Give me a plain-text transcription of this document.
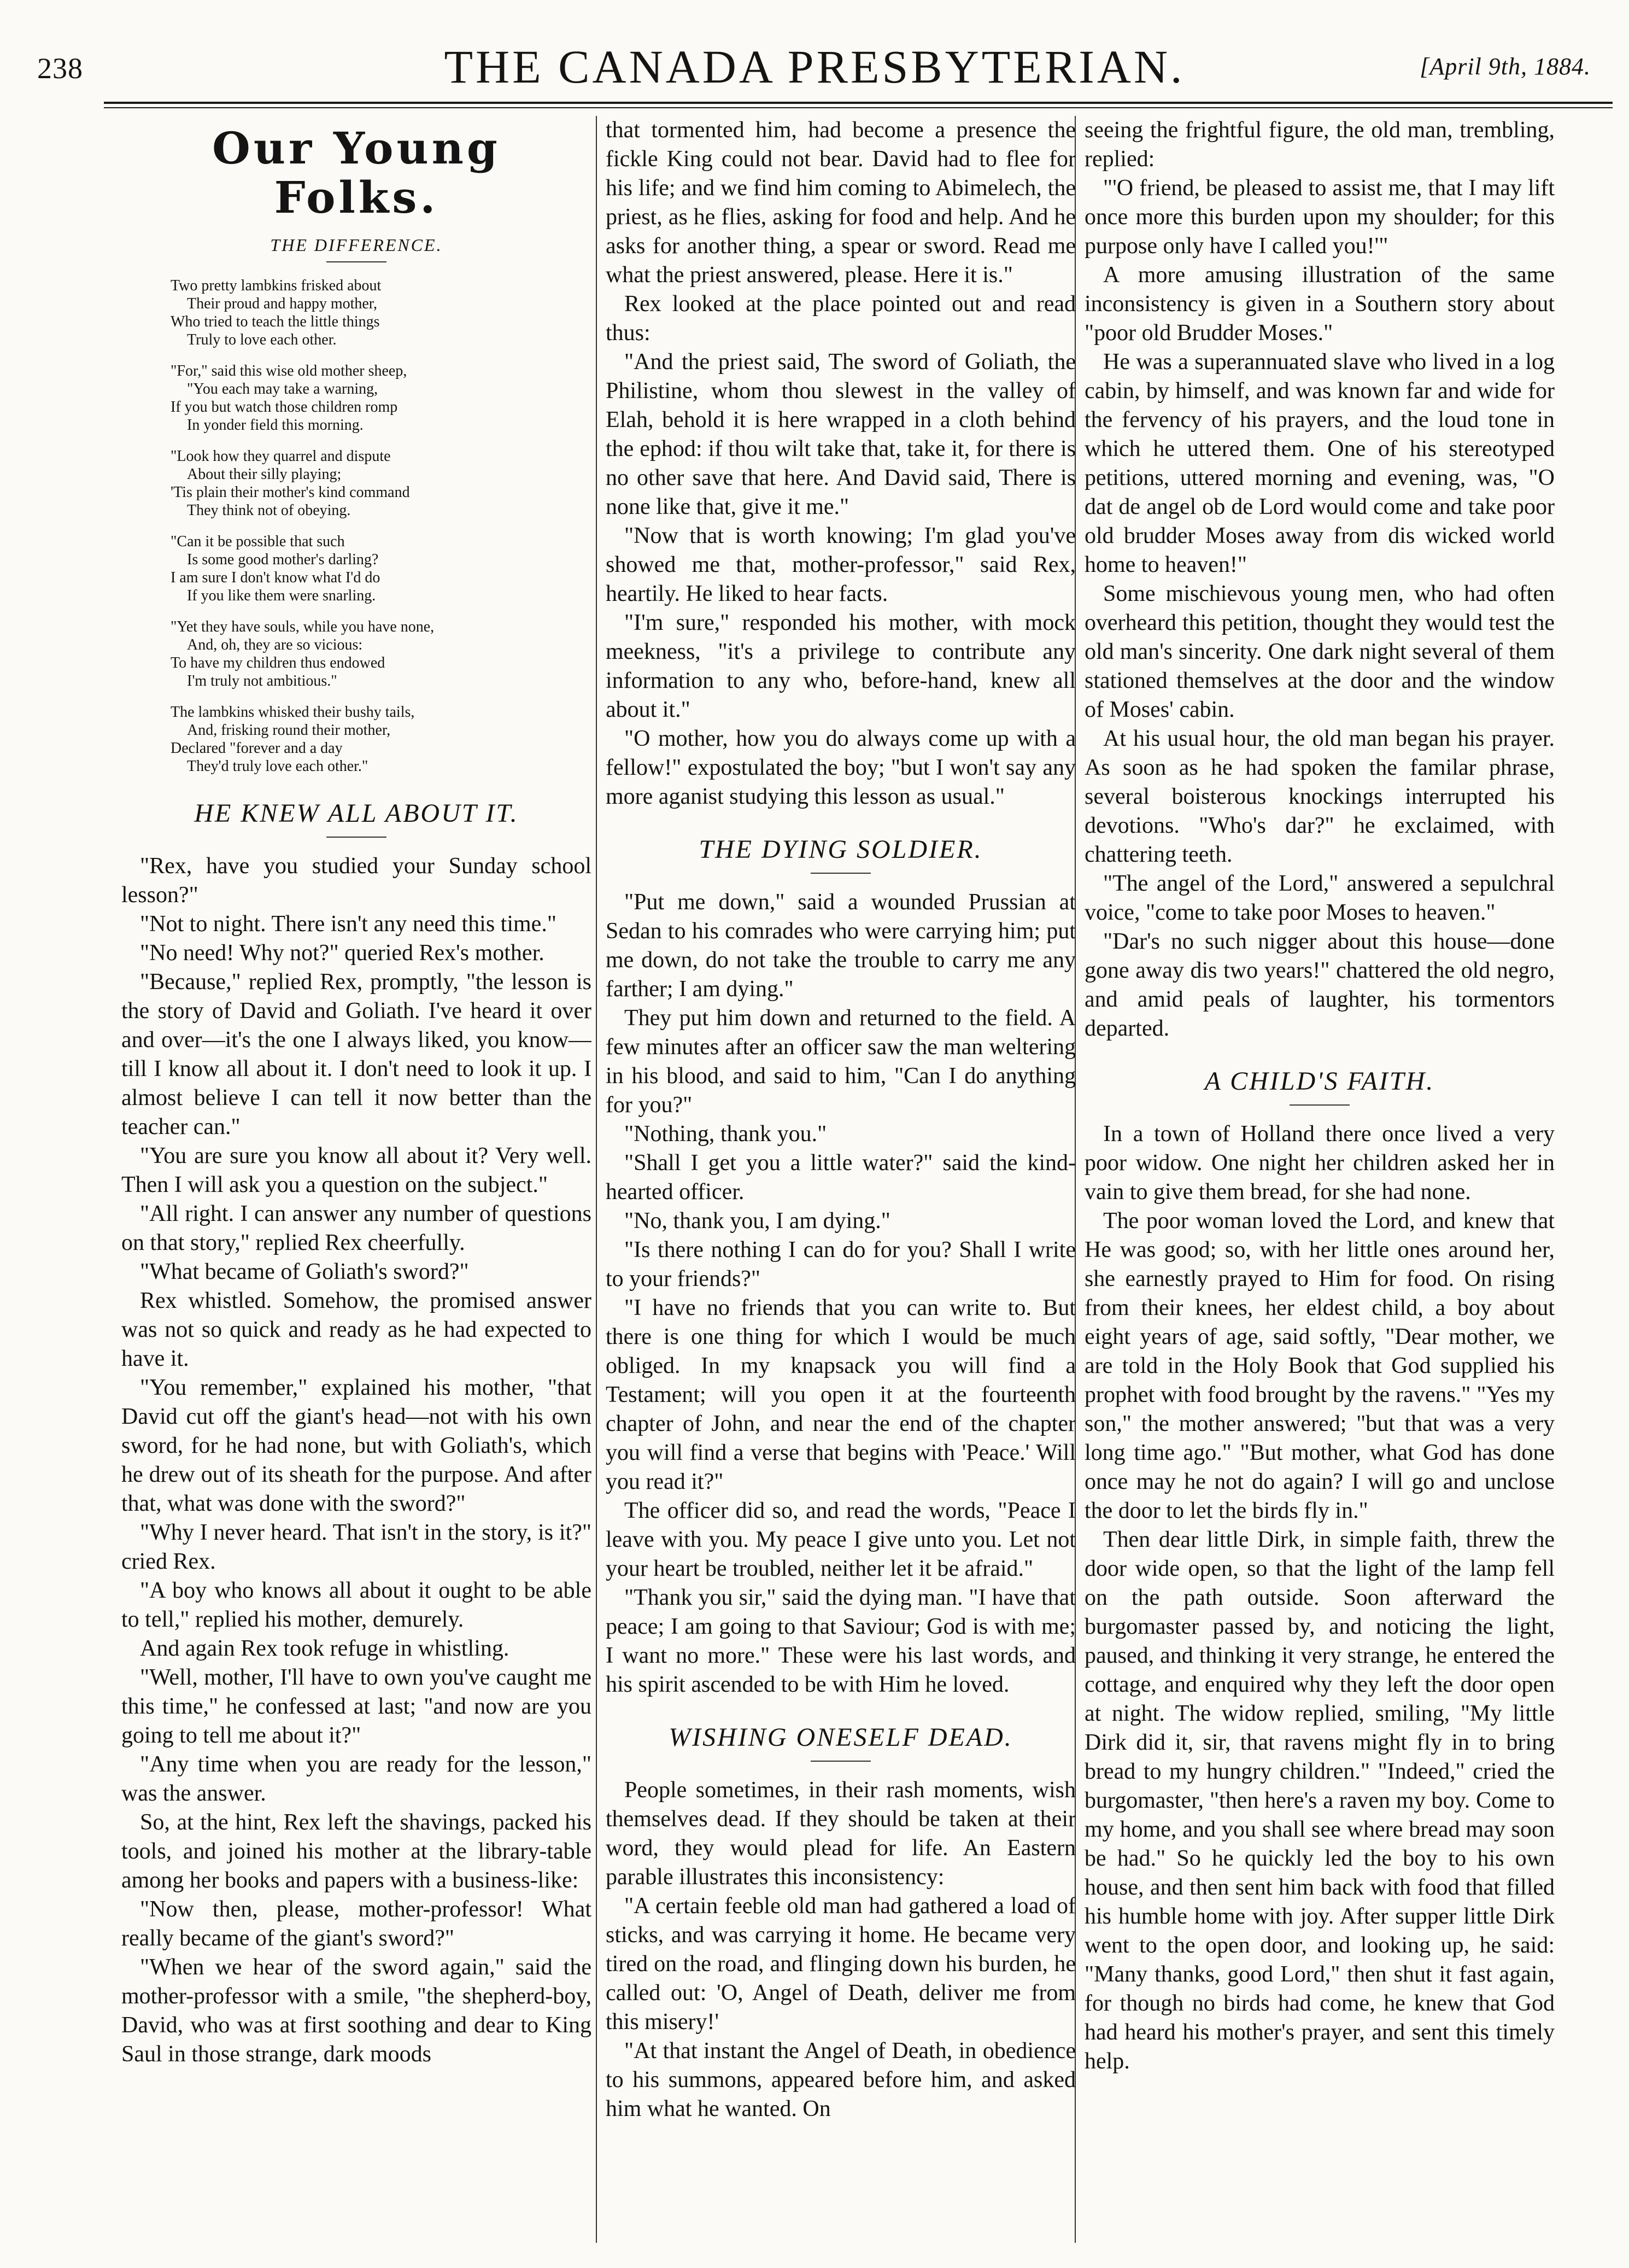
238	THE CANADA PRESBYTERIAN.	[April 9th, 1884.
Our Young Folks.
THE DIFFERENCE.
Two pretty lambkins frisked about
Their proud and happy mother,
Who tried to teach the little things
Truly to love each other.
"For," said this wise old mother sheep,
"You each may take a warning,
If you but watch those children romp
In yonder field this morning.
"Look how they quarrel and dispute
About their silly playing;
'Tis plain their mother's kind command
They think not of obeying.
"Can it be possible that such
Is some good mother's darling?
I am sure I don't know what I'd do
If you like them were snarling.
"Yet they have souls, while you have none,
And, oh, they are so vicious:
To have my children thus endowed
I'm truly not ambitious."
The lambkins whisked their bushy tails,
And, frisking round their mother,
Declared "forever and a day
They'd truly love each other."
HE KNEW ALL ABOUT IT.

"Rex, have you studied your Sunday school lesson?"

"Not to night. There isn't any need this time."

"No need! Why not?" queried Rex's mother.

"Because," replied Rex, promptly, "the lesson is the story of David and Goliath. I've heard it over and over—it's the one I always liked, you know—till I know all about it. I don't need to look it up. I almost believe I can tell it now better than the teacher can."

"You are sure you know all about it? Very well. Then I will ask you a question on the subject."

"All right. I can answer any number of questions on that story," replied Rex cheerfully.

"What became of Goliath's sword?"

Rex whistled. Somehow, the promised answer was not so quick and ready as he had expected to have it.

"You remember," explained his mother, "that David cut off the giant's head—not with his own sword, for he had none, but with Goliath's, which he drew out of its sheath for the purpose. And after that, what was done with the sword?"

"Why I never heard. That isn't in the story, is it?" cried Rex.

"A boy who knows all about it ought to be able to tell," replied his mother, demurely.

And again Rex took refuge in whistling.

"Well, mother, I'll have to own you've caught me this time," he confessed at last; "and now are you going to tell me about it?"

"Any time when you are ready for the lesson," was the answer.

So, at the hint, Rex left the shavings, packed his tools, and joined his mother at the library-table among her books and papers with a business-like:

"Now then, please, mother-professor! What really became of the giant's sword?"

"When we hear of the sword again," said the mother-professor with a smile, "the shepherd-boy, David, who was at first soothing and dear to King Saul in those strange, dark moods

that tormented him, had become a presence the fickle King could not bear. David had to flee for his life; and we find him coming to Abimelech, the priest, as he flies, asking for food and help. And he asks for another thing, a spear or sword. Read me what the priest answered, please. Here it is."

Rex looked at the place pointed out and read thus:

"And the priest said, The sword of Goliath, the Philistine, whom thou slewest in the valley of Elah, behold it is here wrapped in a cloth behind the ephod: if thou wilt take that, take it, for there is no other save that here. And David said, There is none like that, give it me."

"Now that is worth knowing; I'm glad you've showed me that, mother-professor," said Rex, heartily. He liked to hear facts.

"I'm sure," responded his mother, with mock meekness, "it's a privilege to contribute any information to any who, before-hand, knew all about it."

"O mother, how you do always come up with a fellow!" expostulated the boy; "but I won't say any more aganist studying this lesson as usual."

THE DYING SOLDIER.

"Put me down," said a wounded Prussian at Sedan to his comrades who were carrying him; put me down, do not take the trouble to carry me any farther; I am dying."

They put him down and returned to the field. A few minutes after an officer saw the man weltering in his blood, and said to him, "Can I do anything for you?"

"Nothing, thank you."

"Shall I get you a little water?" said the kind-hearted officer.

"No, thank you, I am dying."

"Is there nothing I can do for you? Shall I write to your friends?"

"I have no friends that you can write to. But there is one thing for which I would be much obliged. In my knapsack you will find a Testament; will you open it at the fourteenth chapter of John, and near the end of the chapter you will find a verse that begins with 'Peace.' Will you read it?"

The officer did so, and read the words, "Peace I leave with you. My peace I give unto you. Let not your heart be troubled, neither let it be afraid."

"Thank you sir," said the dying man. "I have that peace; I am going to that Saviour; God is with me; I want no more." These were his last words, and his spirit ascended to be with Him he loved.

WISHING ONESELF DEAD.

People sometimes, in their rash moments, wish themselves dead. If they should be taken at their word, they would plead for life. An Eastern parable illustrates this inconsistency:

"A certain feeble old man had gathered a load of sticks, and was carrying it home. He became very tired on the road, and flinging down his burden, he called out: 'O, Angel of Death, deliver me from this misery!'

"At that instant the Angel of Death, in obedience to his summons, appeared before him, and asked him what he wanted. On

seeing the frightful figure, the old man, trembling, replied:

"'O friend, be pleased to assist me, that I may lift once more this burden upon my shoulder; for this purpose only have I called you!'"

A more amusing illustration of the same inconsistency is given in a Southern story about "poor old Brudder Moses."

He was a superannuated slave who lived in a log cabin, by himself, and was known far and wide for the fervency of his prayers, and the loud tone in which he uttered them. One of his stereotyped petitions, uttered morning and evening, was, "O dat de angel ob de Lord would come and take poor old brudder Moses away from dis wicked world home to heaven!"

Some mischievous young men, who had often overheard this petition, thought they would test the old man's sincerity. One dark night several of them stationed themselves at the door and the window of Moses' cabin.

At his usual hour, the old man began his prayer. As soon as he had spoken the familar phrase, several boisterous knockings interrupted his devotions. "Who's dar?" he exclaimed, with chattering teeth.

"The angel of the Lord," answered a sepulchral voice, "come to take poor Moses to heaven."

"Dar's no such nigger about this house—done gone away dis two years!" chattered the old negro, and amid peals of laughter, his tormentors departed.

A CHILD'S FAITH.

In a town of Holland there once lived a very poor widow. One night her children asked her in vain to give them bread, for she had none.

The poor woman loved the Lord, and knew that He was good; so, with her little ones around her, she earnestly prayed to Him for food. On rising from their knees, her eldest child, a boy about eight years of age, said softly, "Dear mother, we are told in the Holy Book that God supplied his prophet with food brought by the ravens." "Yes my son," the mother answered; "but that was a very long time ago." "But mother, what God has done once may he not do again? I will go and unclose the door to let the birds fly in."

Then dear little Dirk, in simple faith, threw the door wide open, so that the light of the lamp fell on the path outside. Soon afterward the burgomaster passed by, and noticing the light, paused, and thinking it very strange, he entered the cottage, and enquired why they left the door open at night. The widow replied, smiling, "My little Dirk did it, sir, that ravens might fly in to bring bread to my hungry children." "Indeed," cried the burgomaster, "then here's a raven my boy. Come to my home, and you shall see where bread may soon be had." So he quickly led the boy to his own house, and then sent him back with food that filled his humble home with joy. After supper little Dirk went to the open door, and looking up, he said: "Many thanks, good Lord," then shut it fast again, for though no birds had come, he knew that God had heard his mother's prayer, and sent this timely help.
